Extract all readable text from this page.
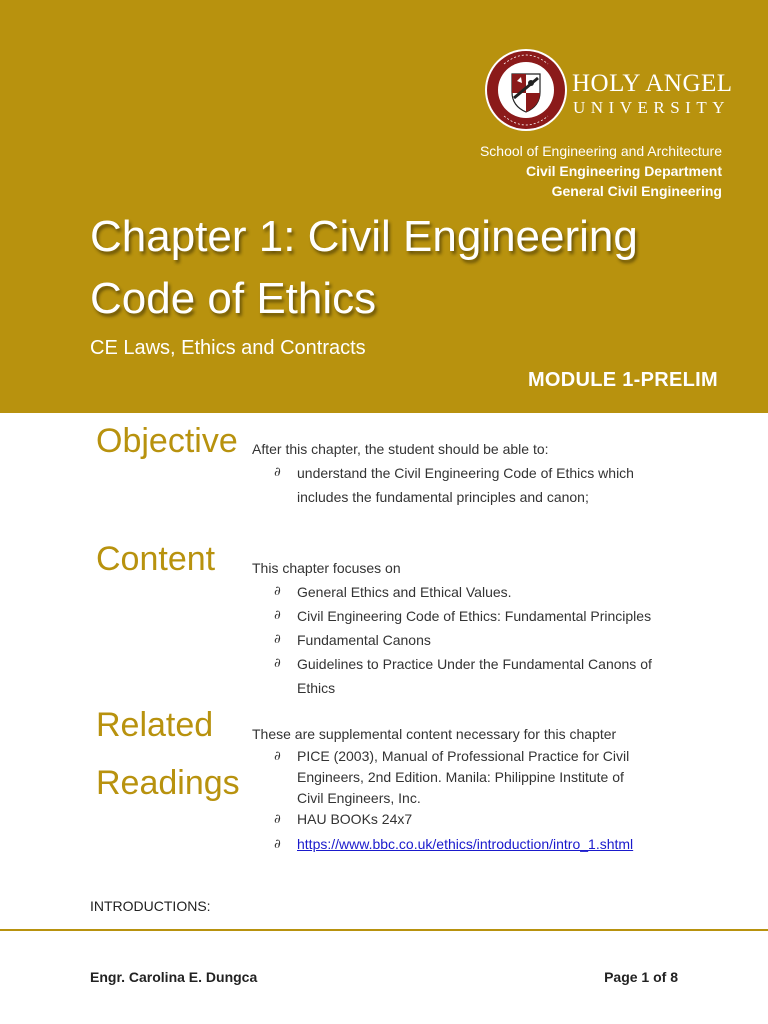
HOLY ANGEL
UNIVERSITY
School of Engineering and Architecture
Civil Engineering Department
General Civil Engineering
Chapter 1: Civil Engineering
Code of Ethics
CE Laws, Ethics and Contracts
MODULE 1-PRELIM
Objective After this chapter, the student should be able to:
∂ understand the Civil Engineering Code of Ethics which includes the fundamental principles and canon;
Content	This chapter focuses on
∂ General Ethics and Ethical Values.
∂ Civil Engineering Code of Ethics: Fundamental Principles
∂ Fundamental Canons
∂ Guidelines to Practice Under the Fundamental Canons of Ethics
Related
Readings
These are supplemental content necessary for this chapter
∂ PICE (2003), Manual of Professional Practice for Civil Engineers, 2nd Edition. Manila: Philippine Institute of Civil Engineers, Inc.
∂ HAU BOOKs 24x7
∂ https://www.bbc.co.uk/ethics/introduction/intro_1.shtml
INTRODUCTIONS:
Engr. Carolina E. Dungca	Page 1 of 8
